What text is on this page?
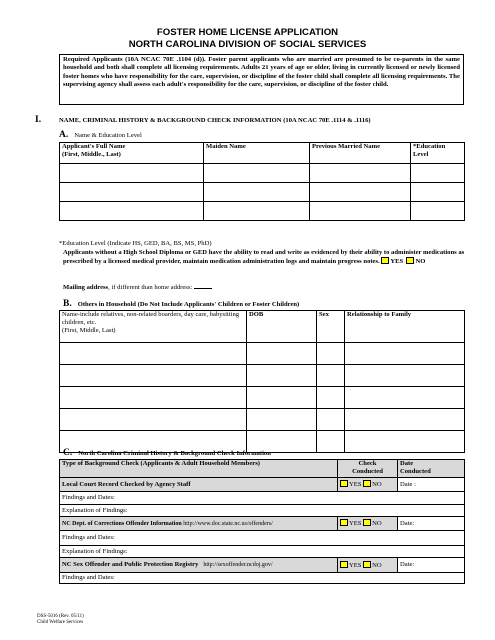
FOSTER HOME LICENSE APPLICATION
NORTH CAROLINA DIVISION OF SOCIAL SERVICES
Required Applicants (10A NCAC 70E .1104 (d)). Foster parent applicants who are married are presumed to be co-parents in the same household and both shall complete all licensing requirements. Adults 21 years of age or older, living in currently licensed or newly licensed foster homes who have responsibility for the care, supervision, or discipline of the foster child shall complete all licensing requirements. The supervising agency shall assess each adult's responsibility for the care, supervision, or discipline of the foster child.
I.	NAME, CRIMINAL HISTORY & BACKGROUND CHECK INFORMATION (10A NCAC 70E .1114 & .1116)
A. Name & Education Level
Applicant's Full Name
(First, Middle., Last)	Maiden Name	Previous Married Name	*Education
Level

*Education Level (Indicate HS, GED, BA, BS, MS, PhD)
Applicants without a High School Diploma or GED have the ability to read and write as evidenced by their ability to administer medications as prescribed by a licensed medical provider, maintain medication administration logs and maintain progress notes. YES NO
Mailing address, if different than home address:
B. Others in Household (Do Not Include Applicants' Children or Foster Children)
Name-include relatives, non-related boarders, day care, babysitting children, etc.
(First, Middle, Last)	DOB	Sex	Relationship to Family

C. North Carolina Criminal History & Background Check Information
Type of Background Check (Applicants & Adult Household Members)	Check
Conducted	Date
Conducted
Local Court Record Checked by Agency Staff	YES NO	Date :
Findings and Dates:		
Explanation of Findings:		
NC Dept. of Corrections Offender Information http://www.doc.state.nc.us/offenders/	YES NO	Date:
Findings and Dates:		
Explanation of Findings:		
NC Sex Offender and Public Protection Registry http://sexoffender.ncdoj.gov/	YES NO	Date:
Findings and Dates:		
DSS-5016 (Rev. 05/11)
Child Welfare Services
